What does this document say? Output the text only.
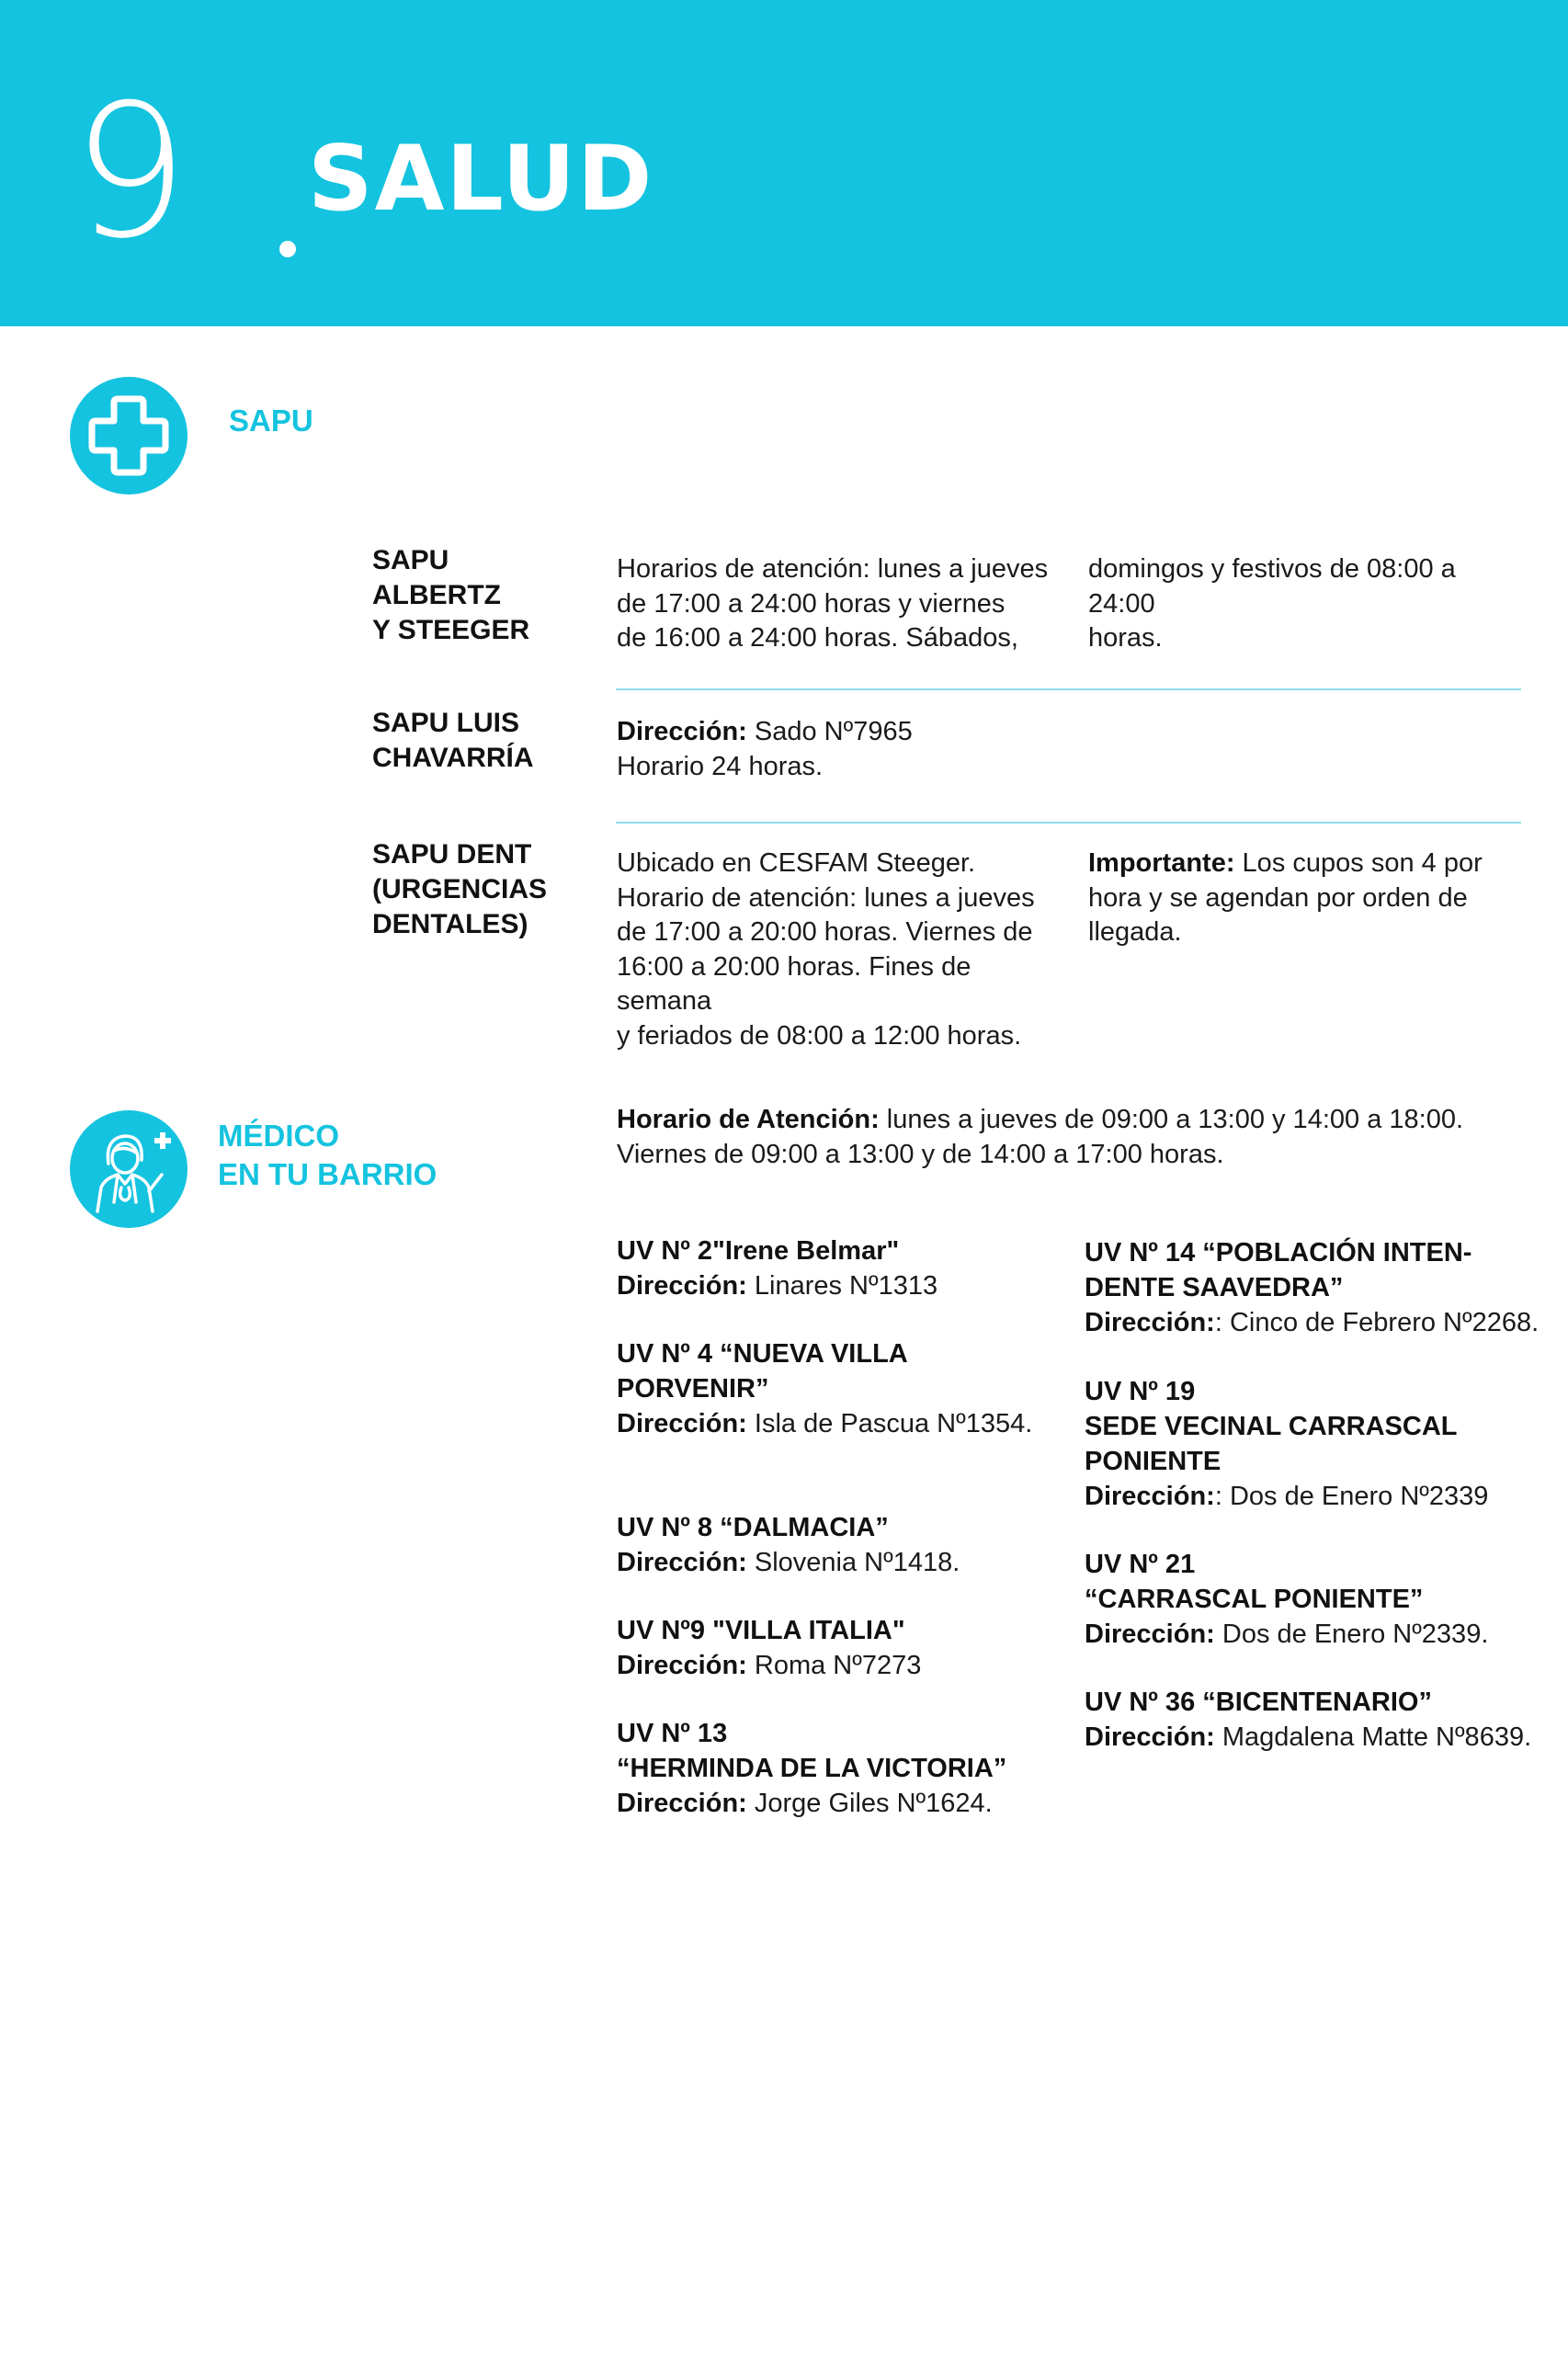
9 SALUD
SAPU
SAPU ALBERTZ
Y STEEGER
Horarios de atención: lunes a jueves
de 17:00 a 24:00 horas y viernes
de 16:00 a 24:00 horas. Sábados,
domingos y festivos de 08:00 a 24:00
horas.
SAPU LUIS
CHAVARRÍA
Dirección: Sado Nº7965
Horario 24 horas.
SAPU DENT
(URGENCIAS
DENTALES)
Ubicado en CESFAM Steeger.
Horario de atención: lunes a jueves
de 17:00 a 20:00 horas. Viernes de
16:00 a 20:00 horas. Fines de semana
y feriados de 08:00 a 12:00 horas.
Importante: Los cupos son 4 por
hora y se agendan por orden de
llegada.
MÉDICO
EN TU BARRIO
Horario de Atención: lunes a jueves de 09:00 a 13:00 y 14:00 a 18:00.
Viernes de 09:00 a 13:00 y de 14:00 a 17:00 horas.
UV Nº 2"Irene Belmar"
Dirección: Linares Nº1313
UV Nº 4 “NUEVA VILLA
PORVENIR”
Dirección: Isla de Pascua Nº1354.
UV Nº 8 “DALMACIA”
Dirección: Slovenia Nº1418.
UV Nº9 "VILLA ITALIA"
Dirección: Roma Nº7273
UV Nº 13
“HERMINDA DE LA VICTORIA”
Dirección: Jorge Giles Nº1624.
UV Nº 14 “POBLACIÓN INTEN-
DENTE SAAVEDRA”
Dirección:: Cinco de Febrero Nº2268.
UV Nº 19
SEDE VECINAL CARRASCAL
PONIENTE
Dirección:: Dos de Enero Nº2339
UV Nº 21
“CARRASCAL PONIENTE”
Dirección: Dos de Enero Nº2339.
UV Nº 36 “BICENTENARIO”
Dirección: Magdalena Matte Nº8639.
